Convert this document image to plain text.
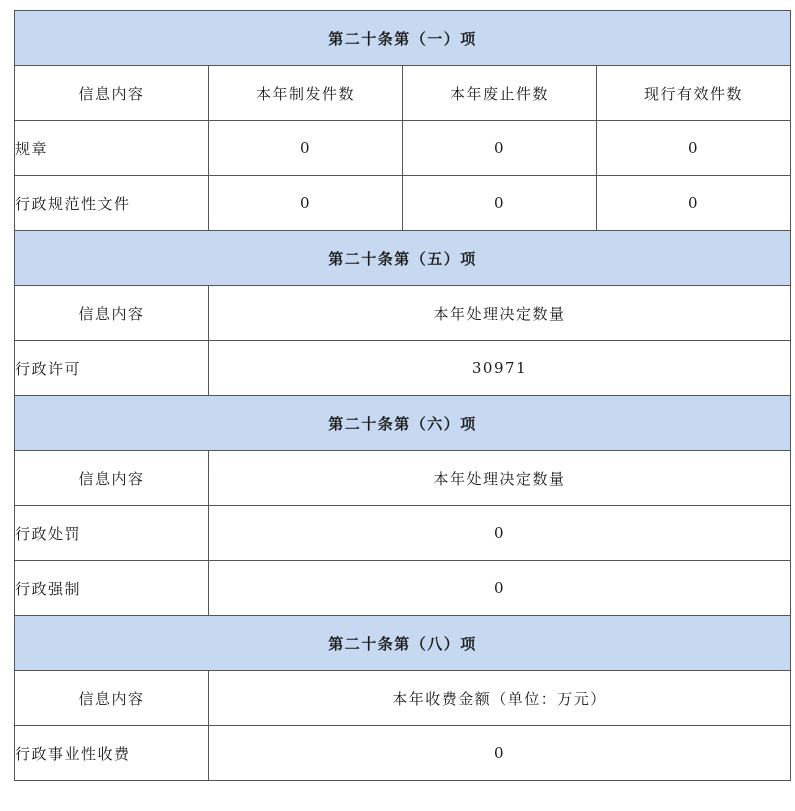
第二十条第（一）项			
信息内容	本年制发件数	本年废止件数	现行有效件数
规章	0	0	0
行政规范性文件	0	0	0
第二十条第（五）项			
信息内容	本年处理决定数量		
行政许可	30971		
第二十条第（六）项			
信息内容	本年处理决定数量		
行政处罚	0		
行政强制	0		
第二十条第（八）项			
信息内容	本年收费金额（单位：万元）		
行政事业性收费	0		
